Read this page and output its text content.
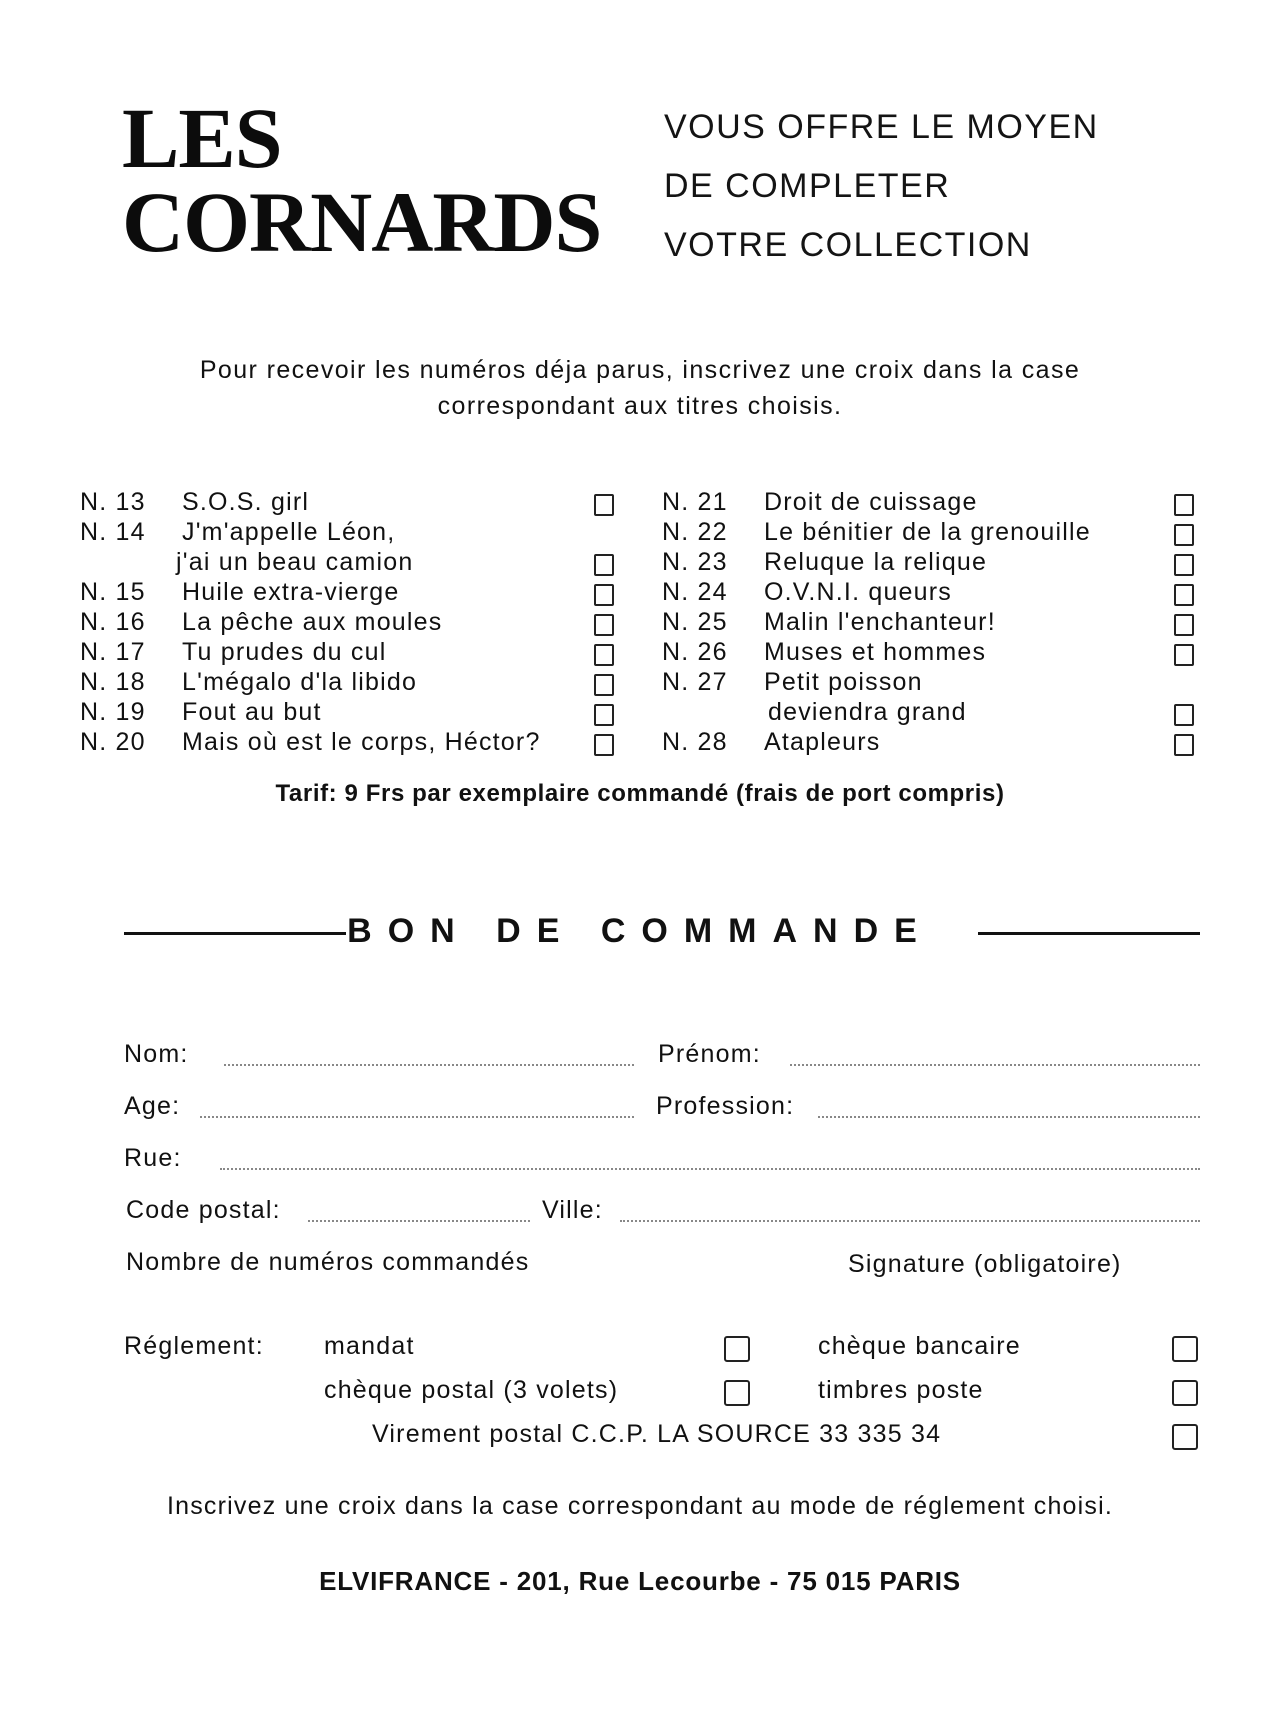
LES
CORNARDS
VOUS OFFRE LE MOYEN
DE COMPLETER
VOTRE COLLECTION
Pour recevoir les numéros déja parus, inscrivez une croix dans la case correspondant aux titres choisis.
N. 13 S.O.S. girl
N. 14 J'm'appelle Léon,
j'ai un beau camion
N. 15 Huile extra-vierge
N. 16 La pêche aux moules
N. 17 Tu prudes du cul
N. 18 L'mégalo d'la libido
N. 19 Fout au but
N. 20 Mais où est le corps, Héctor?
N. 21 Droit de cuissage
N. 22 Le bénitier de la grenouille
N. 23 Reluque la relique
N. 24 O.V.N.I. queurs
N. 25 Malin l'enchanteur!
N. 26 Muses et hommes
N. 27 Petit poisson
deviendra grand
N. 28 Atapleurs
Tarif: 9 Frs par exemplaire commandé (frais de port compris)
BON DE COMMANDE
Nom:	Prénom:
Age:	Profession:
Rue:
Code postal:	Ville:
Nombre de numéros commandés	Signature (obligatoire)
Réglement: mandat	chèque bancaire
chèque postal (3 volets)	timbres poste
Virement postal C.C.P. LA SOURCE 33 335 34
Inscrivez une croix dans la case correspondant au mode de réglement choisi.
ELVIFRANCE - 201, Rue Lecourbe - 75 015 PARIS
